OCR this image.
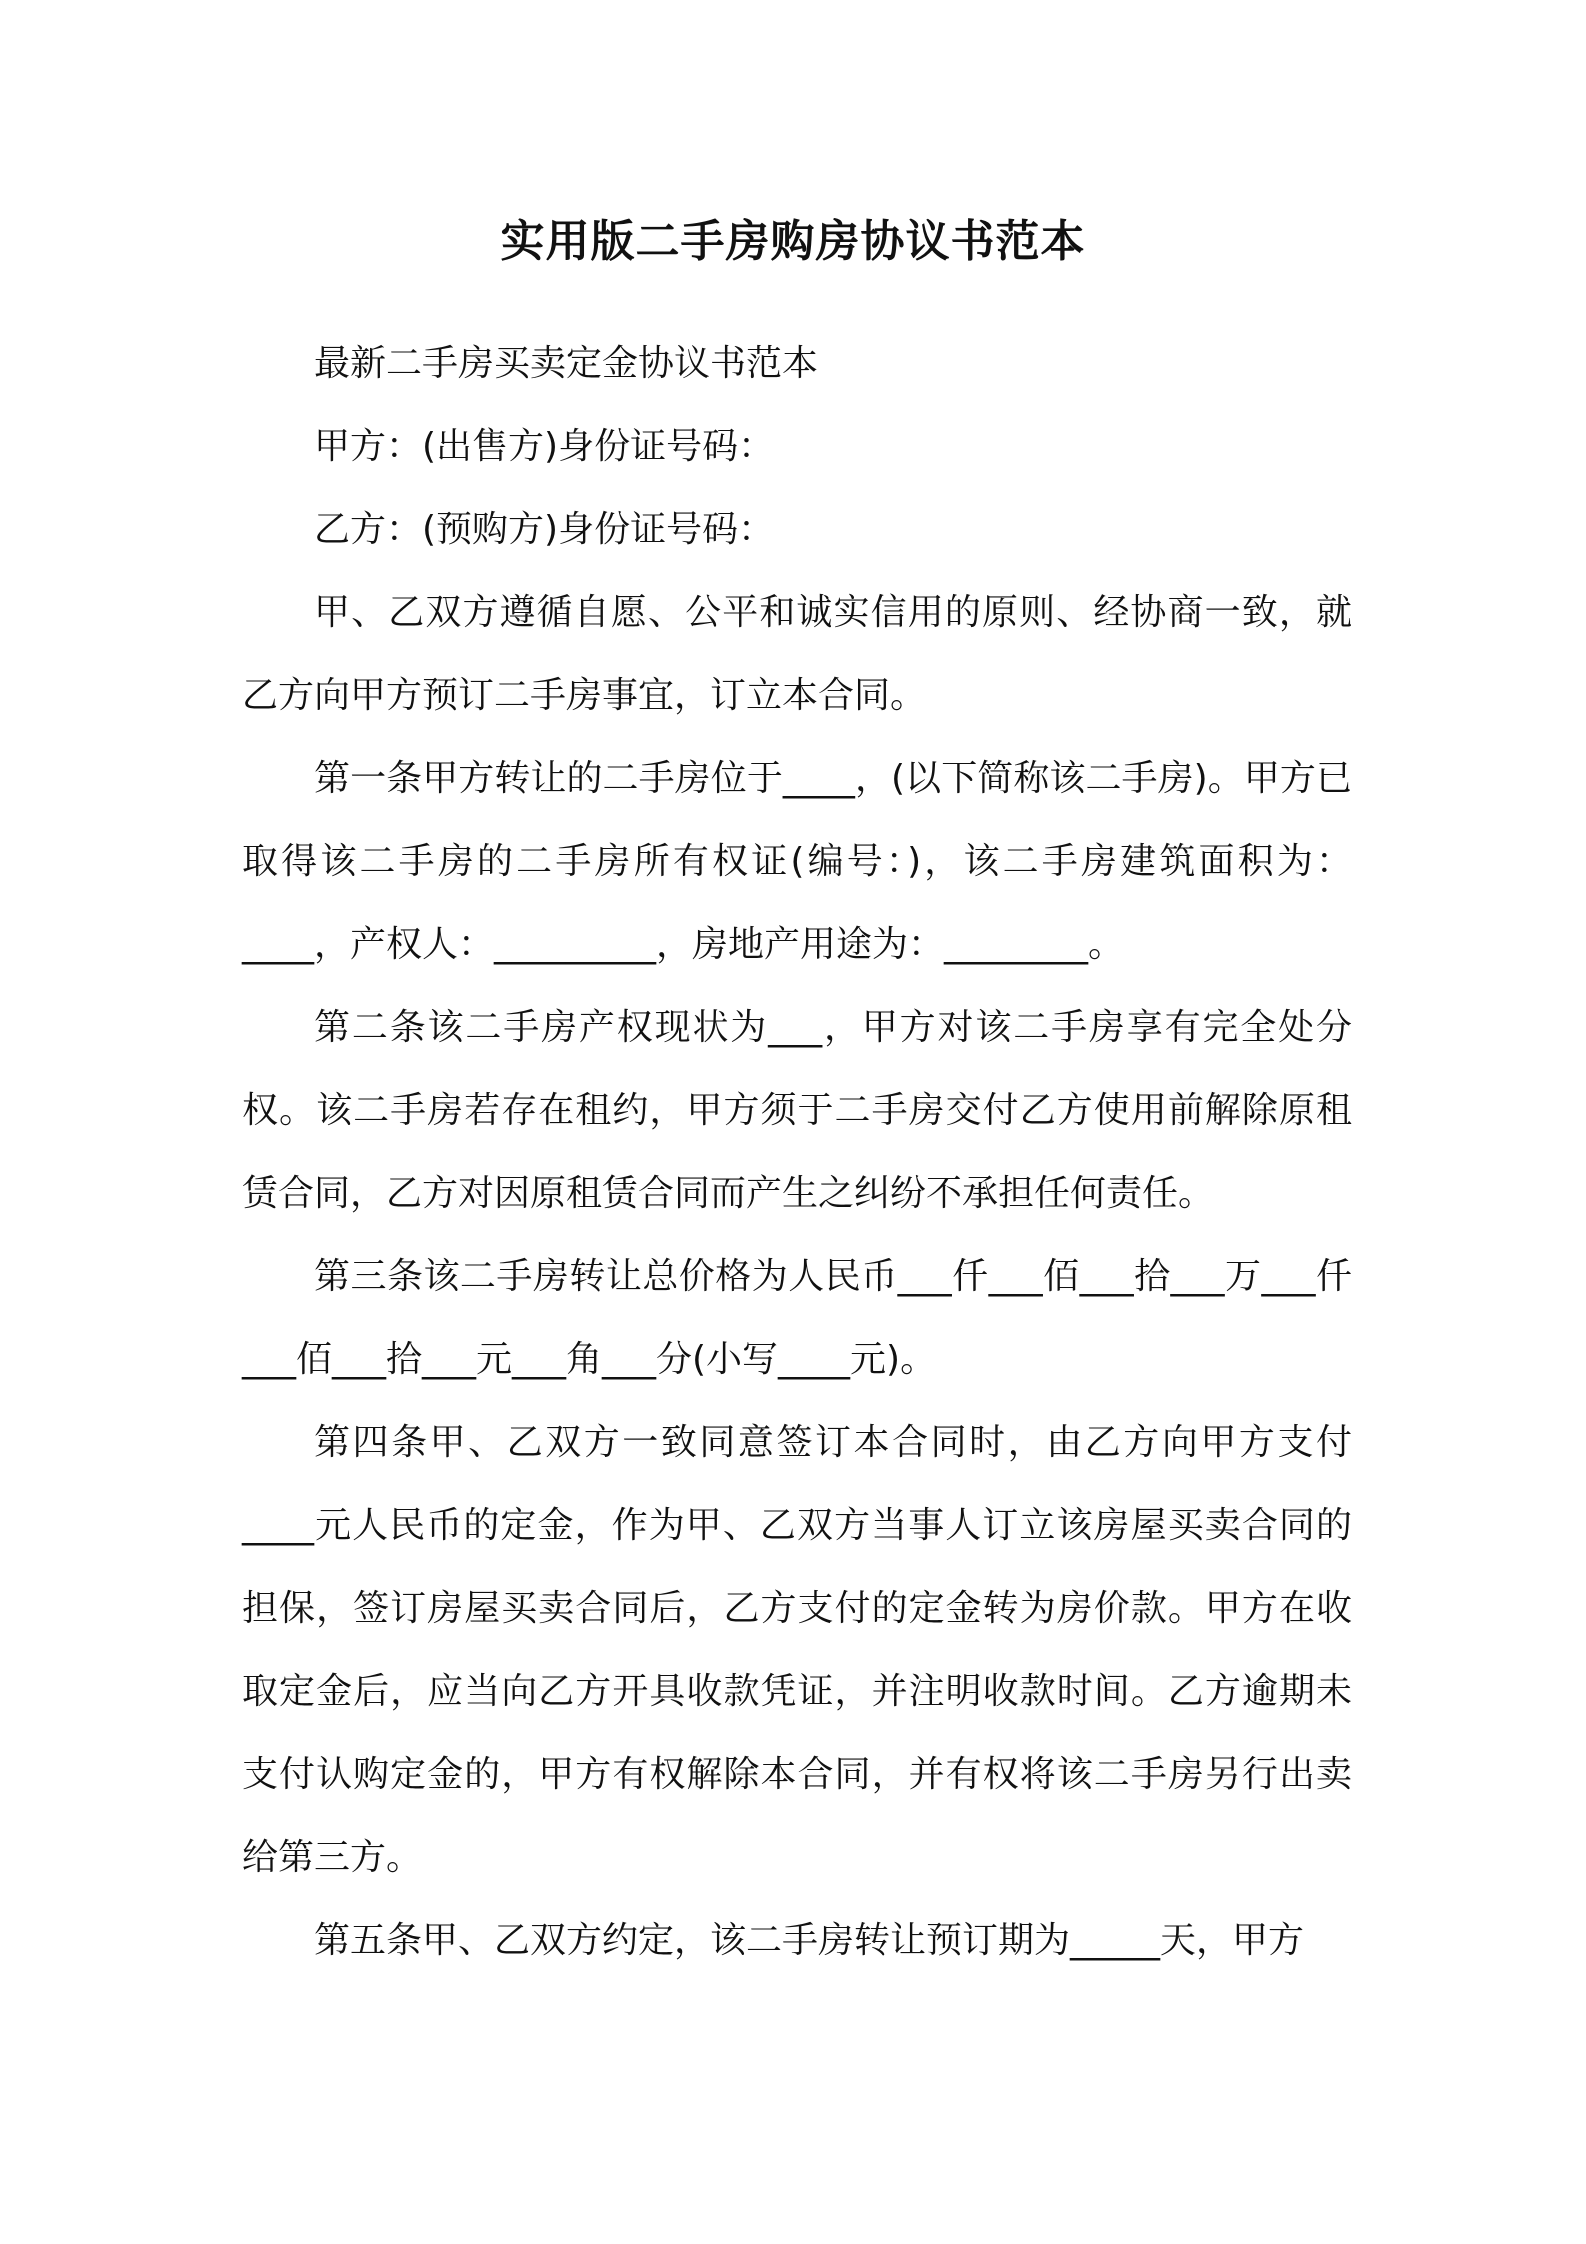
实用版二手房购房协议书范本

最新二手房买卖定金协议书范本

甲方：(出售方)身份证号码：

乙方：(预购方)身份证号码：

甲、乙双方遵循自愿、公平和诚实信用的原则、经协商一致，就乙方向甲方预订二手房事宜，订立本合同。

第一条甲方转让的二手房位于____，(以下简称该二手房)。甲方已取得该二手房的二手房所有权证(编号：)，该二手房建筑面积为：____，产权人：_________，房地产用途为：________。

第二条该二手房产权现状为___，甲方对该二手房享有完全处分权。该二手房若存在租约，甲方须于二手房交付乙方使用前解除原租赁合同，乙方对因原租赁合同而产生之纠纷不承担任何责任。

第三条该二手房转让总价格为人民币___仟___佰___拾___万___仟___佰___拾___元___角___分(小写____元)。

第四条甲、乙双方一致同意签订本合同时，由乙方向甲方支付____元人民币的定金，作为甲、乙双方当事人订立该房屋买卖合同的担保，签订房屋买卖合同后，乙方支付的定金转为房价款。甲方在收取定金后，应当向乙方开具收款凭证，并注明收款时间。乙方逾期未支付认购定金的，甲方有权解除本合同，并有权将该二手房另行出卖给第三方。

第五条甲、乙双方约定，该二手房转让预订期为_____天，甲方
